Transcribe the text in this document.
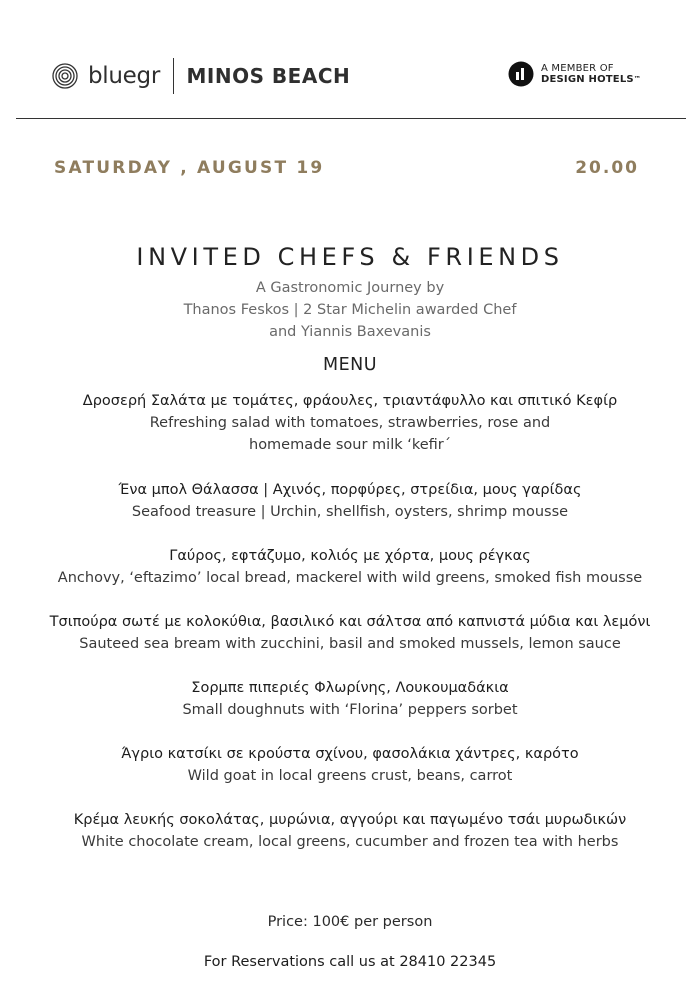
bluegr MINOS BEACH	A MEMBER OF
DESIGN HOTELS™
SATURDAY , AUGUST 19	20.00
INVITED CHEFS & FRIENDS
A Gastronomic Journey by
Thanos Feskos | 2 Star Michelin awarded Chef
and Yiannis Baxevanis
MENU
Δροσερή Σαλάτα με τομάτες, φράουλες, τριαντάφυλλο και σπιτικό Κεφίρ
Refreshing salad with tomatoes, strawberries, rose and
homemade sour milk ‘kefir΄
Ένα μπολ Θάλασσα | Αχινός, πορφύρες, στρείδια, μους γαρίδας
Seafood treasure | Urchin, shellfish, oysters, shrimp mousse
Γαύρος, εφτάζυμο, κολιός με χόρτα, μους ρέγκας
Anchovy, ‘eftazimo’ local bread, mackerel with wild greens, smoked fish mousse
Τσιπούρα σωτέ με κολοκύθια, βασιλικό και σάλτσα από καπνιστά μύδια και λεμόνι
Sauteed sea bream with zucchini, basil and smoked mussels, lemon sauce
Σορμπε πιπεριές Φλωρίνης, Λουκουμαδάκια
Small doughnuts with ‘Florina’ peppers sorbet
Άγριο κατσίκι σε κρούστα σχίνου, φασολάκια χάντρες, καρότο
Wild goat in local greens crust, beans, carrot
Κρέμα λευκής σοκολάτας, μυρώνια, αγγούρι και παγωμένο τσάι μυρωδικών
White chocolate cream, local greens, cucumber and frozen tea with herbs
Price: 100€ per person
For Reservations call us at 28410 22345
